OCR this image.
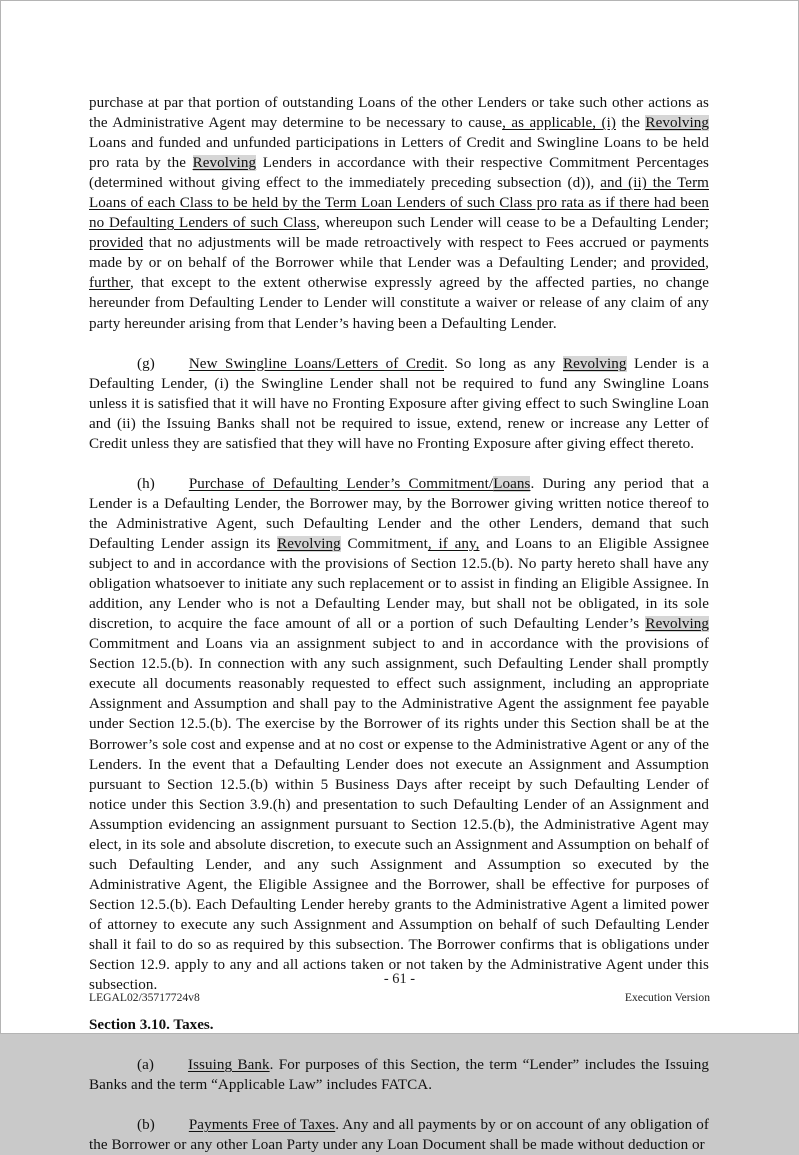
purchase at par that portion of outstanding Loans of the other Lenders or take such other actions as the Administrative Agent may determine to be necessary to cause, as applicable, (i) the Revolving Loans and funded and unfunded participations in Letters of Credit and Swingline Loans to be held pro rata by the Revolving Lenders in accordance with their respective Commitment Percentages (determined without giving effect to the immediately preceding subsection (d)), and (ii) the Term Loans of each Class to be held by the Term Loan Lenders of such Class pro rata as if there had been no Defaulting Lenders of such Class, whereupon such Lender will cease to be a Defaulting Lender; provided that no adjustments will be made retroactively with respect to Fees accrued or payments made by or on behalf of the Borrower while that Lender was a Defaulting Lender; and provided, further, that except to the extent otherwise expressly agreed by the affected parties, no change hereunder from Defaulting Lender to Lender will constitute a waiver or release of any claim of any party hereunder arising from that Lender’s having been a Defaulting Lender.

(g) New Swingline Loans/Letters of Credit. So long as any Revolving Lender is a Defaulting Lender, (i) the Swingline Lender shall not be required to fund any Swingline Loans unless it is satisfied that it will have no Fronting Exposure after giving effect to such Swingline Loan and (ii) the Issuing Banks shall not be required to issue, extend, renew or increase any Letter of Credit unless they are satisfied that they will have no Fronting Exposure after giving effect thereto.

(h) Purchase of Defaulting Lender’s Commitment/Loans. During any period that a Lender is a Defaulting Lender, the Borrower may, by the Borrower giving written notice thereof to the Administrative Agent, such Defaulting Lender and the other Lenders, demand that such Defaulting Lender assign its Revolving Commitment, if any, and Loans to an Eligible Assignee subject to and in accordance with the provisions of Section 12.5.(b). No party hereto shall have any obligation whatsoever to initiate any such replacement or to assist in finding an Eligible Assignee. In addition, any Lender who is not a Defaulting Lender may, but shall not be obligated, in its sole discretion, to acquire the face amount of all or a portion of such Defaulting Lender’s Revolving Commitment and Loans via an assignment subject to and in accordance with the provisions of Section 12.5.(b). In connection with any such assignment, such Defaulting Lender shall promptly execute all documents reasonably requested to effect such assignment, including an appropriate Assignment and Assumption and shall pay to the Administrative Agent the assignment fee payable under Section 12.5.(b). The exercise by the Borrower of its rights under this Section shall be at the Borrower’s sole cost and expense and at no cost or expense to the Administrative Agent or any of the Lenders. In the event that a Defaulting Lender does not execute an Assignment and Assumption pursuant to Section 12.5.(b) within 5 Business Days after receipt by such Defaulting Lender of notice under this Section 3.9.(h) and presentation to such Defaulting Lender of an Assignment and Assumption evidencing an assignment pursuant to Section 12.5.(b), the Administrative Agent may elect, in its sole and absolute discretion, to execute such an Assignment and Assumption on behalf of such Defaulting Lender, and any such Assignment and Assumption so executed by the Administrative Agent, the Eligible Assignee and the Borrower, shall be effective for purposes of Section 12.5.(b). Each Defaulting Lender hereby grants to the Administrative Agent a limited power of attorney to execute any such Assignment and Assumption on behalf of such Defaulting Lender shall it fail to do so as required by this subsection. The Borrower confirms that is obligations under Section 12.9. apply to any and all actions taken or not taken by the Administrative Agent under this subsection.

Section 3.10. Taxes.

(a) Issuing Bank. For purposes of this Section, the term “Lender” includes the Issuing Banks and the term “Applicable Law” includes FATCA.

(b) Payments Free of Taxes. Any and all payments by or on account of any obligation of the Borrower or any other Loan Party under any Loan Document shall be made without deduction or

- 61 -
LEGAL02/35717724v8	Execution Version
